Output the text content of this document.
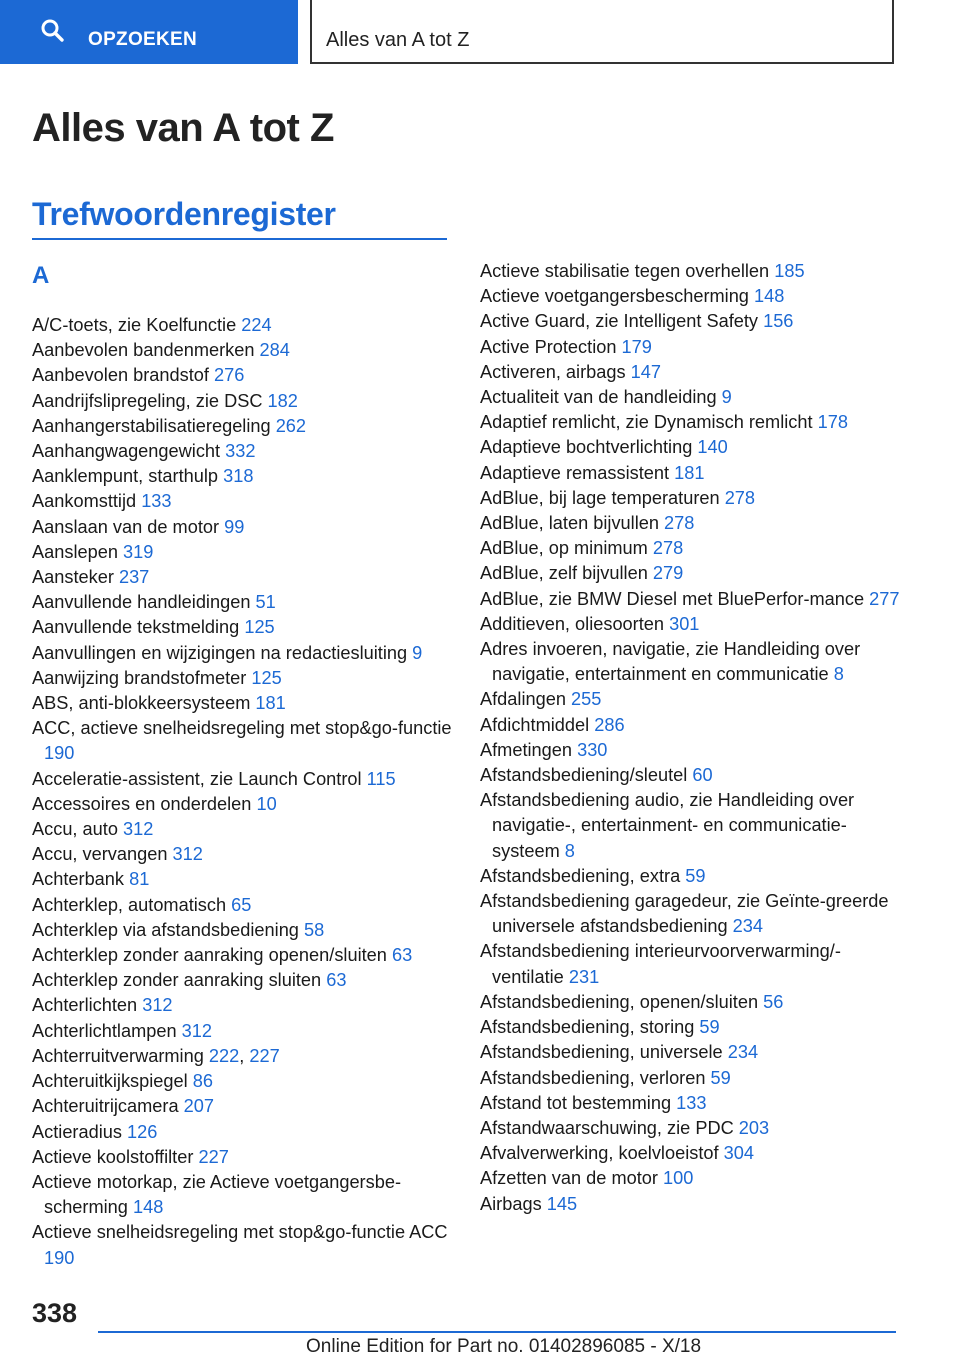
OPZOEKEN	Alles van A tot Z
Alles van A tot Z
Trefwoordenregister
A
A/C-toets, zie Koelfunctie 224
Aanbevolen bandenmerken 284
Aanbevolen brandstof 276
Aandrijfslipregeling, zie DSC 182
Aanhangerstabilisatieregeling 262
Aanhangwagengewicht 332
Aanklempunt, starthulp 318
Aankomsttijd 133
Aanslaan van de motor 99
Aanslepen 319
Aansteker 237
Aanvullende handleidingen 51
Aanvullende tekstmelding 125
Aanvullingen en wijzigingen na redactiesluiting 9
Aanwijzing brandstofmeter 125
ABS, anti-blokkeersysteem 181
ACC, actieve snelheidsregeling met stop&go-functie 190
Acceleratie-assistent, zie Launch Control 115
Accessoires en onderdelen 10
Accu, auto 312
Accu, vervangen 312
Achterbank 81
Achterklep, automatisch 65
Achterklep via afstandsbediening 58
Achterklep zonder aanraking openen/sluiten 63
Achterklep zonder aanraking sluiten 63
Achterlichten 312
Achterlichtlampen 312
Achterruitverwarming 222, 227
Achteruitkijkspiegel 86
Achteruitrijcamera 207
Actieradius 126
Actieve koolstoffilter 227
Actieve motorkap, zie Actieve voetgangersbe-scherming 148
Actieve snelheidsregeling met stop&go-functie ACC 190
Actieve stabilisatie tegen overhellen 185
Actieve voetgangersbescherming 148
Active Guard, zie Intelligent Safety 156
Active Protection 179
Activeren, airbags 147
Actualiteit van de handleiding 9
Adaptief remlicht, zie Dynamisch remlicht 178
Adaptieve bochtverlichting 140
Adaptieve remassistent 181
AdBlue, bij lage temperaturen 278
AdBlue, laten bijvullen 278
AdBlue, op minimum 278
AdBlue, zelf bijvullen 279
AdBlue, zie BMW Diesel met BluePerfor-mance 277
Additieven, oliesoorten 301
Adres invoeren, navigatie, zie Handleiding over navigatie, entertainment en communicatie 8
Afdalingen 255
Afdichtmiddel 286
Afmetingen 330
Afstandsbediening/sleutel 60
Afstandsbediening audio, zie Handleiding over navigatie-, entertainment- en communicatie-systeem 8
Afstandsbediening, extra 59
Afstandsbediening garagedeur, zie Geïnte-greerde universele afstandsbediening 234
Afstandsbediening interieurvoorverwarming/-ventilatie 231
Afstandsbediening, openen/sluiten 56
Afstandsbediening, storing 59
Afstandsbediening, universele 234
Afstandsbediening, verloren 59
Afstand tot bestemming 133
Afstandwaarschuwing, zie PDC 203
Afvalverwerking, koelvloeistof 304
Afzetten van de motor 100
Airbags 145
338
Online Edition for Part no. 01402896085 - X/18
